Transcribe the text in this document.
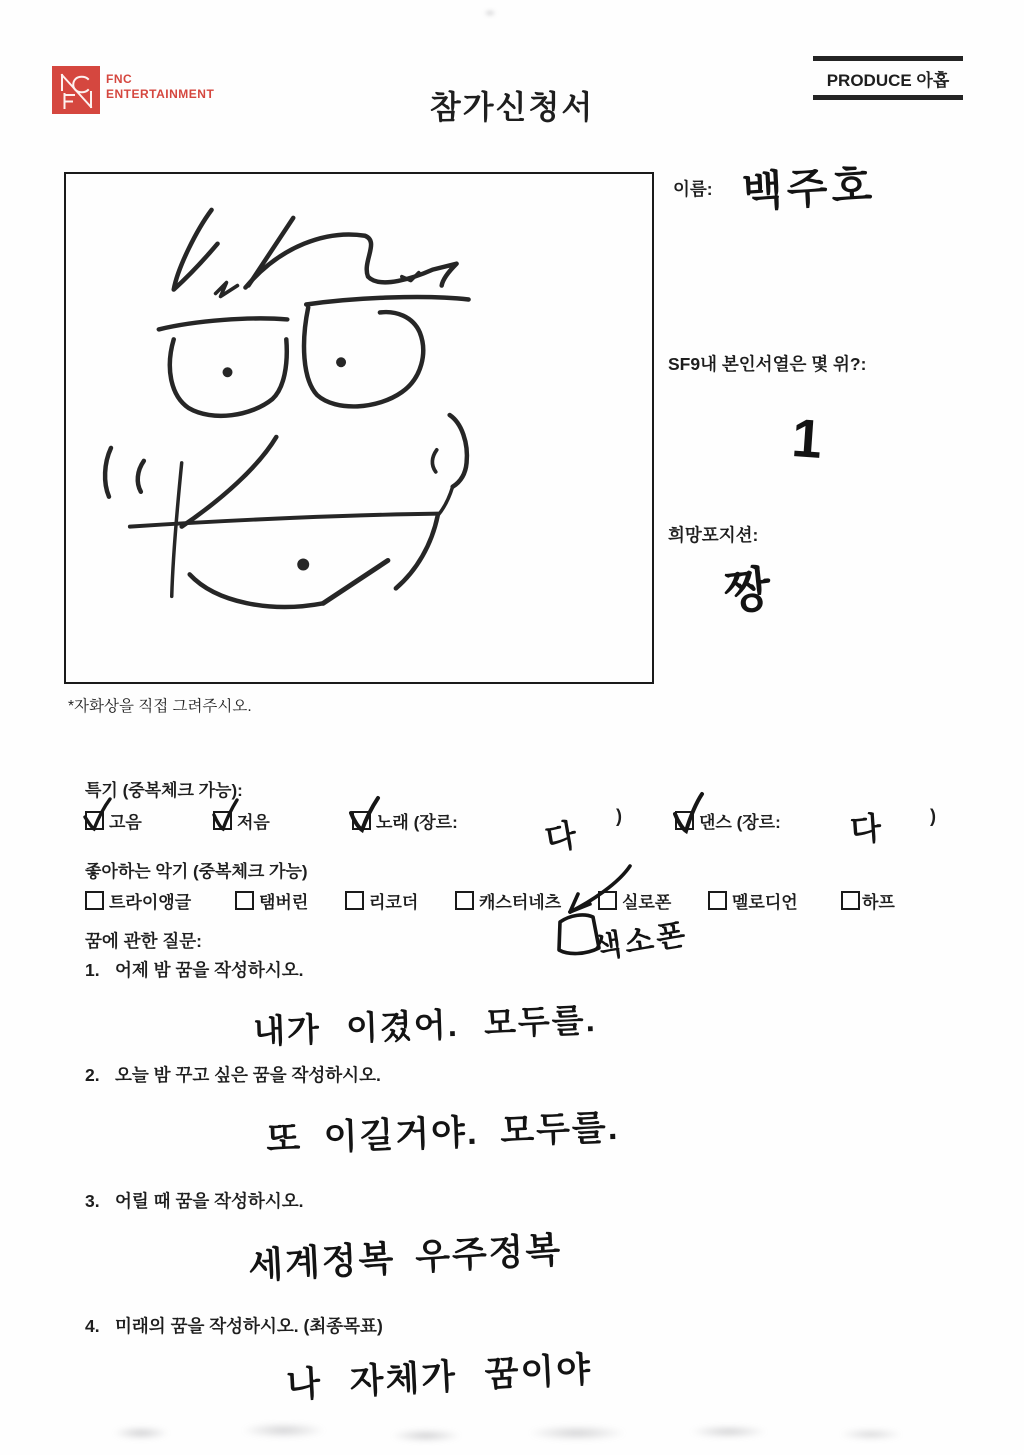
FNC
ENTERTAINMENT
PRODUCE 아홉
참가신청서
*자화상을 직접 그려주시오.
이름: 백주호
SF9내 본인서열은 몇 위?:
1
희망포지션:
짱
특기 (중복체크 가능):
고음	저음	노래 (장르:	다
)	댄스 (장르: 다	)
좋아하는 악기 (중복체크 가능)
트라이앵글	탬버린	리코더	캐스터네츠	실로폰	멜로디언	하프
색소폰
꿈에 관한 질문:
1. 어제 밤 꿈을 작성하시오.
내가 이겼어. 모두를.
2. 오늘 밤 꾸고 싶은 꿈을 작성하시오.
또 이길거야. 모두를.
3. 어릴 때 꿈을 작성하시오.
세계정복 우주정복
4. 미래의 꿈을 작성하시오. (최종목표)
나 자체가 꿈이야
